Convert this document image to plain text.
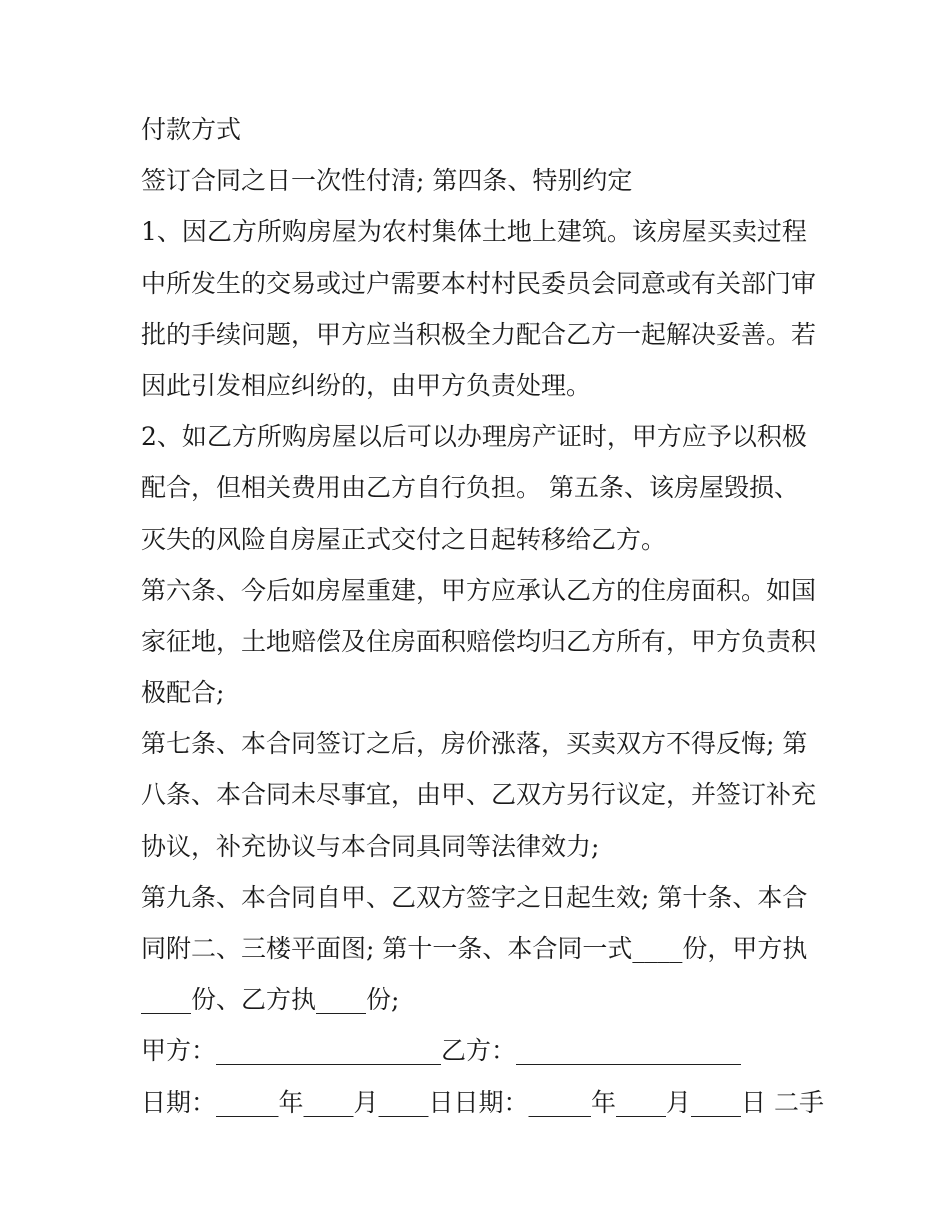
付款方式
签订合同之日一次性付清; 第四条、特别约定
1、因乙方所购房屋为农村集体土地上建筑。该房屋买卖过程
中所发生的交易或过户需要本村村民委员会同意或有关部门审
批的手续问题，甲方应当积极全力配合乙方一起解决妥善。若
因此引发相应纠纷的，由甲方负责处理。
2、如乙方所购房屋以后可以办理房产证时，甲方应予以积极
配合，但相关费用由乙方自行负担。 第五条、该房屋毁损、
灭失的风险自房屋正式交付之日起转移给乙方。
第六条、今后如房屋重建，甲方应承认乙方的住房面积。如国
家征地，土地赔偿及住房面积赔偿均归乙方所有，甲方负责积
极配合;
第七条、本合同签订之后，房价涨落，买卖双方不得反悔; 第
八条、本合同未尽事宜，由甲、乙双方另行议定，并签订补充
协议，补充协议与本合同具同等法律效力;
第九条、本合同自甲、乙双方签字之日起生效; 第十条、本合
同附二、三楼平面图; 第十一条、本合同一式____份，甲方执
____份、乙方执____份;
甲方：__________________乙方：__________________
日期：_____年____月____日日期：_____年____月____日 二手
